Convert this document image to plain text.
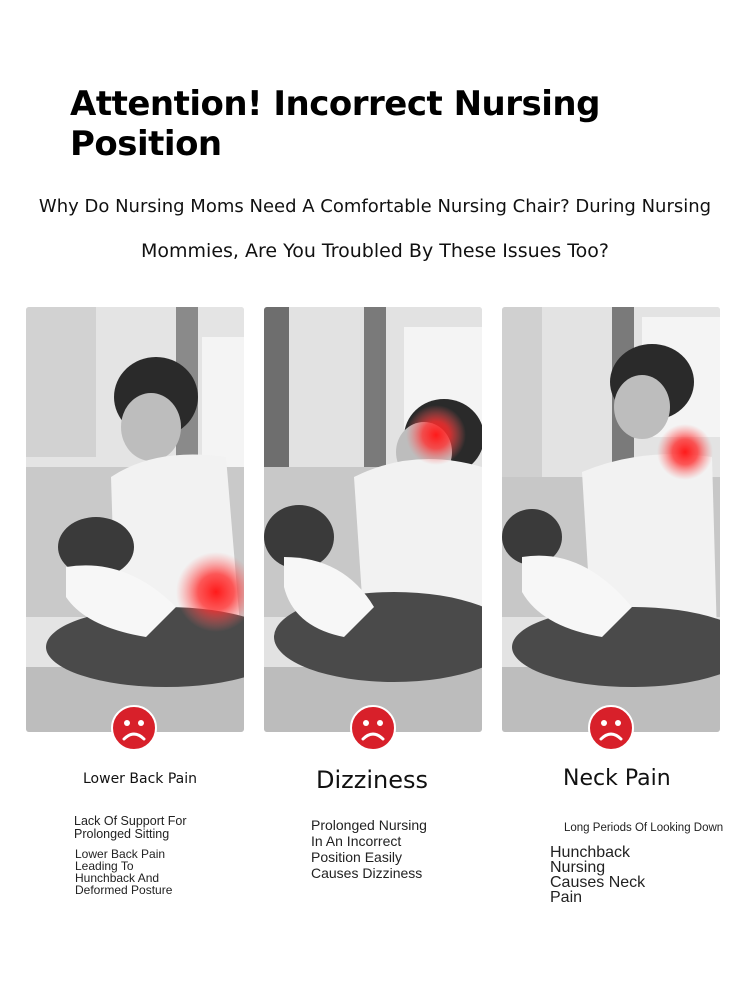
Attention! Incorrect Nursing Position
Why Do Nursing Moms Need A Comfortable Nursing Chair? During Nursing
Mommies, Are You Troubled By These Issues Too?
Lower Back Pain	Dizziness	Neck Pain
Lack Of Support For Prolonged Sitting
Lower Back Pain Leading To Hunchback And Deformed Posture
Prolonged Nursing In An Incorrect Position Easily Causes Dizziness
Long Periods Of Looking Down
Hunchback Nursing Causes Neck Pain
